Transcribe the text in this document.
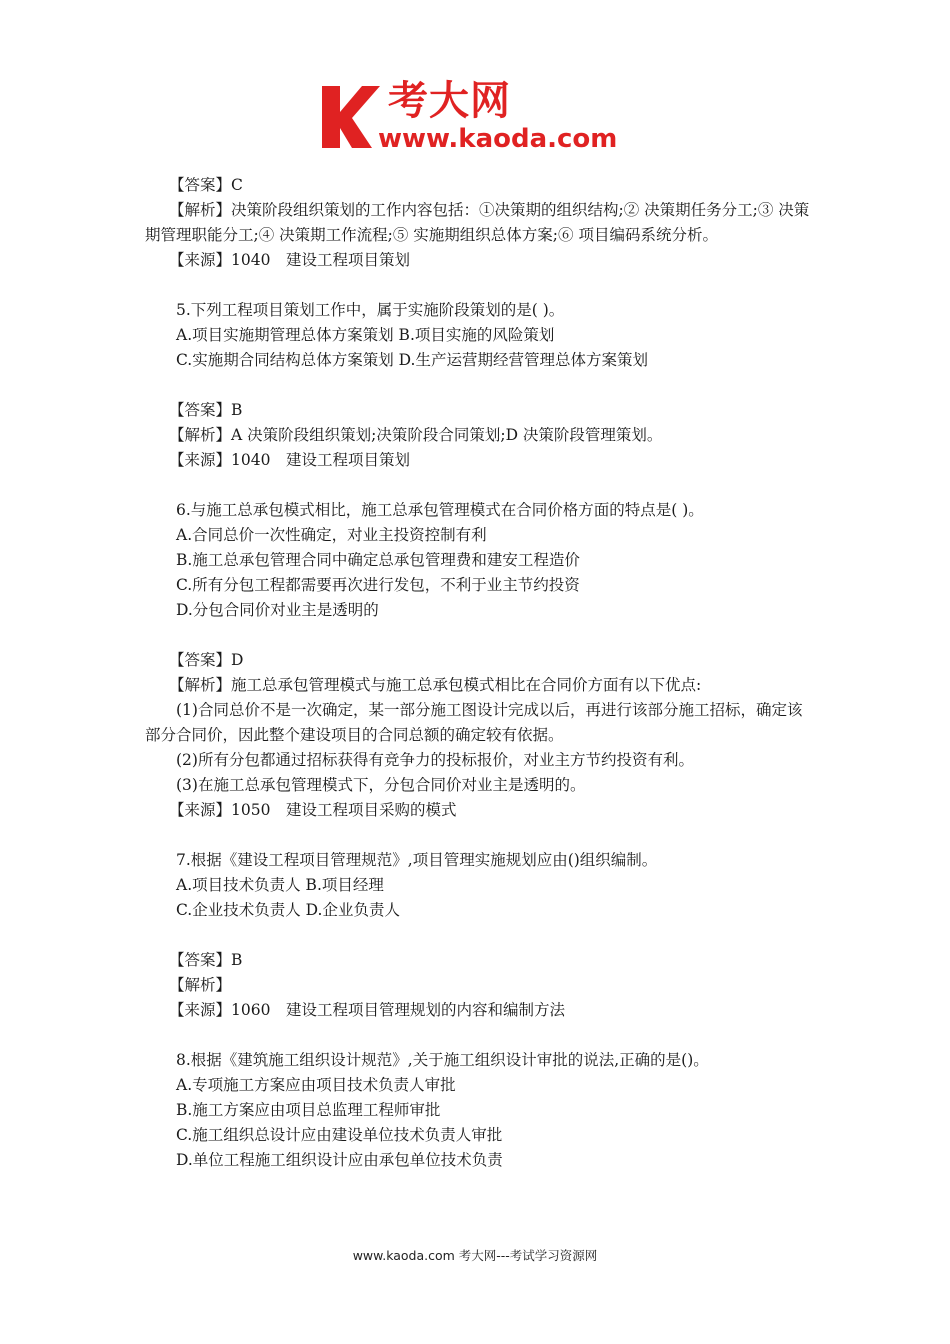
考大网
www.kaoda.com
【答案】C
【解析】决策阶段组织策划的工作内容包括：①决策期的组织结构;② 决策期任务分工;③ 决策期管理职能分工;④ 决策期工作流程;⑤ 实施期组织总体方案;⑥ 项目编码系统分析。
【来源】1040　建设工程项目策划
5.下列工程项目策划工作中，属于实施阶段策划的是( )。
A.项目实施期管理总体方案策划 B.项目实施的风险策划
C.实施期合同结构总体方案策划 D.生产运营期经营管理总体方案策划
【答案】B
【解析】A 决策阶段组织策划;决策阶段合同策划;D 决策阶段管理策划。
【来源】1040　建设工程项目策划
6.与施工总承包模式相比，施工总承包管理模式在合同价格方面的特点是( )。
A.合同总价一次性确定，对业主投资控制有利
B.施工总承包管理合同中确定总承包管理费和建安工程造价
C.所有分包工程都需要再次进行发包，不利于业主节约投资
D.分包合同价对业主是透明的
【答案】D
【解析】施工总承包管理模式与施工总承包模式相比在合同价方面有以下优点:
(1)合同总价不是一次确定，某一部分施工图设计完成以后，再进行该部分施工招标，确定该部分合同价，因此整个建设项目的合同总额的确定较有依据。
(2)所有分包都通过招标获得有竞争力的投标报价，对业主方节约投资有利。
(3)在施工总承包管理模式下，分包合同价对业主是透明的。
【来源】1050　建设工程项目采购的模式
7.根据《建设工程项目管理规范》,项目管理实施规划应由()组织编制。
A.项目技术负责人 B.项目经理
C.企业技术负责人 D.企业负责人
【答案】B
【解析】
【来源】1060　建设工程项目管理规划的内容和编制方法
8.根据《建筑施工组织设计规范》,关于施工组织设计审批的说法,正确的是()。
A.专项施工方案应由项目技术负责人审批
B.施工方案应由项目总监理工程师审批
C.施工组织总设计应由建设单位技术负责人审批
D.单位工程施工组织设计应由承包单位技术负责
www.kaoda.com 考大网---考试学习资源网
